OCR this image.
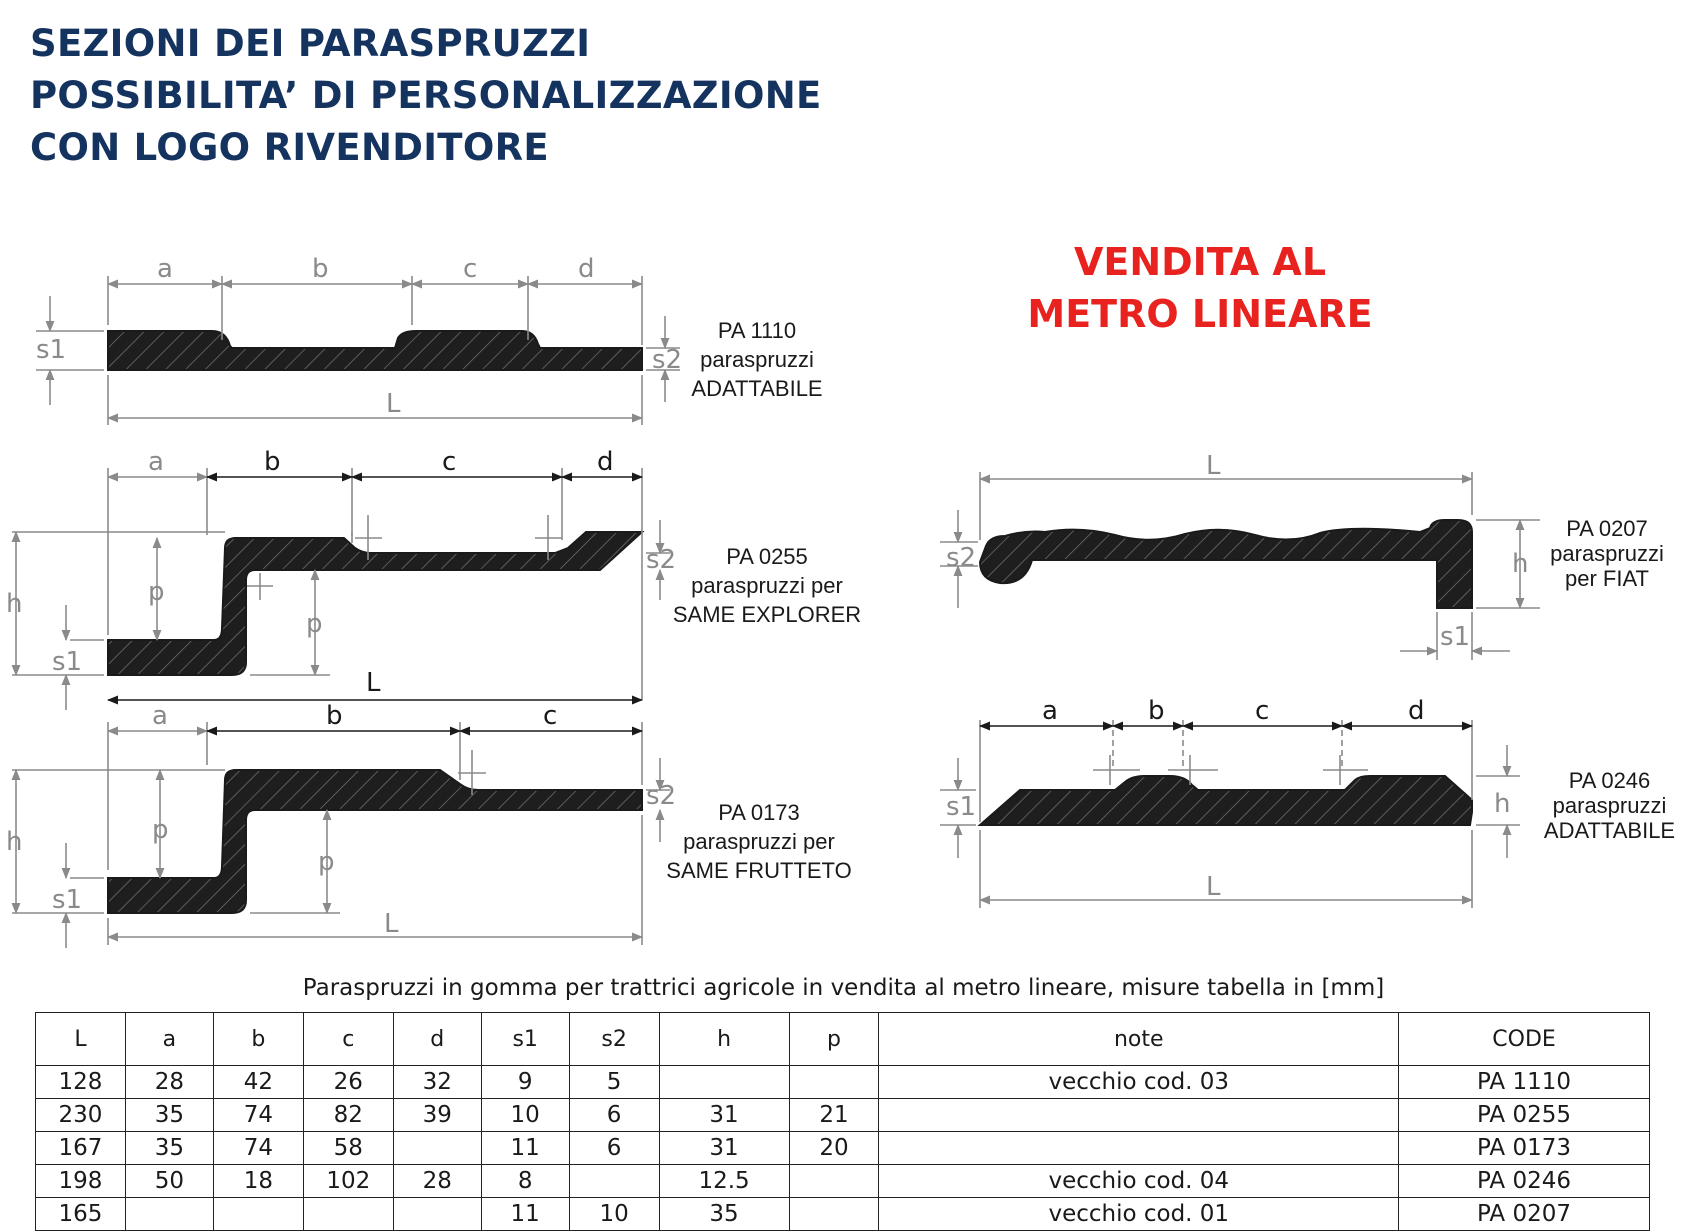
SEZIONI DEI PARASPRUZZI
POSSIBILITA’ DI PERSONALIZZAZIONE
CON LOGO RIVENDITORE
VENDITA AL
METRO LINEARE
a	b	c	d
L
s1	s2
a	b	c	d
L
h
s1
p
p
s2
a	b	c
L
h
s1
p
p
s2
L
s2	h
s1
a	b	c	d
s1	h
L
PA 1110
paraspruzzi
ADATTABILE
PA 0255
paraspruzzi per
SAME EXPLORER
PA 0173
paraspruzzi per
SAME FRUTTETO
PA 0207
paraspruzzi
per FIAT
PA 0246
paraspruzzi
ADATTABILE
Paraspruzzi in gomma per trattrici agricole in vendita al metro lineare, misure tabella in [mm]
L	a	b	c	d	s1	s2	h	p	note	CODE
128	28	42	26	32	9	5			vecchio cod. 03	PA 1110
230	35	74	82	39	10	6	31	21		PA 0255
167	35	74	58		11	6	31	20		PA 0173
198	50	18	102	28	8		12.5		vecchio cod. 04	PA 0246
165					11	10	35		vecchio cod. 01	PA 0207
